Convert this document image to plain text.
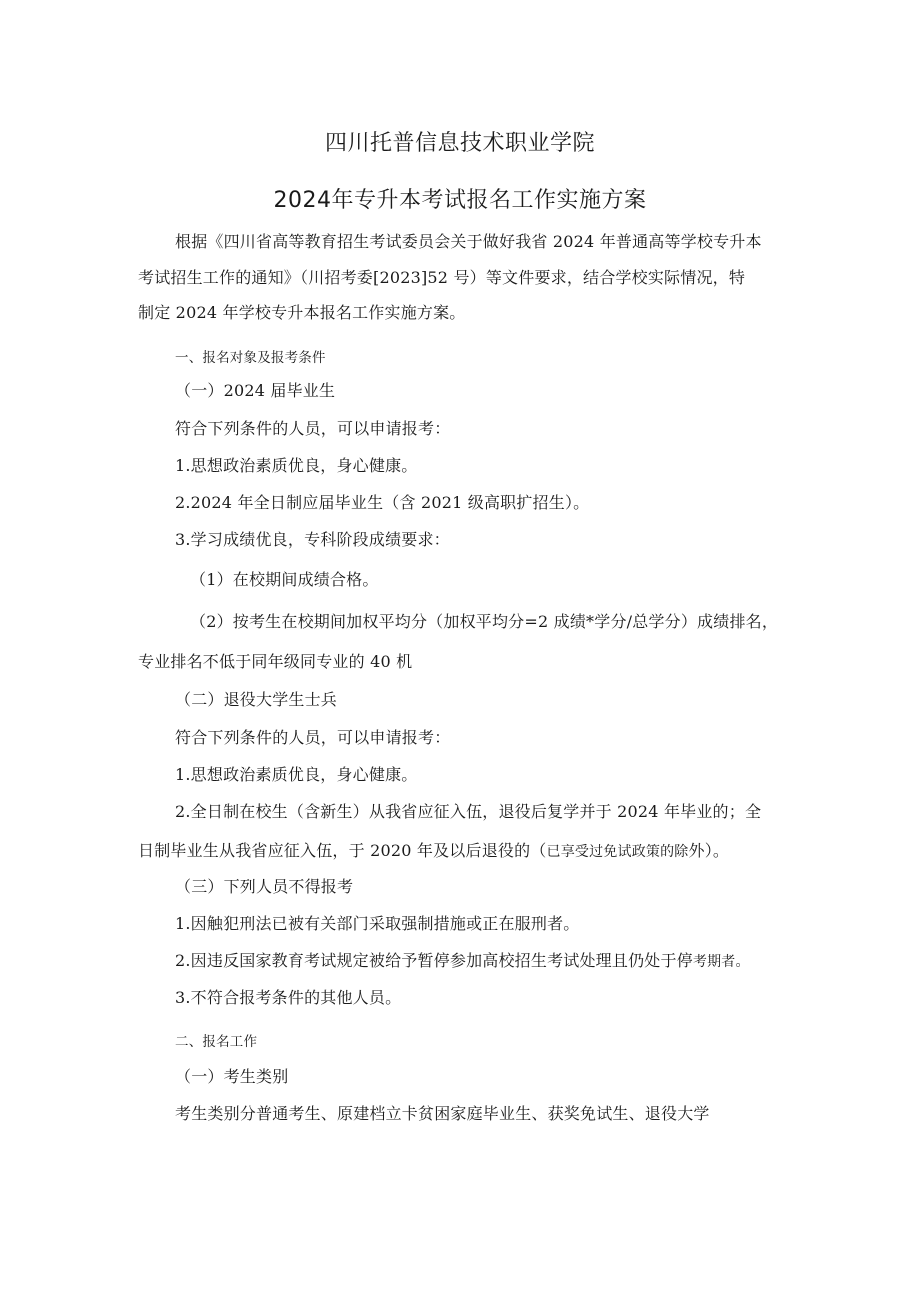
四川托普信息技术职业学院
2024年专升本考试报名工作实施方案
根据《四川省高等教育招生考试委员会关于做好我省 2024 年普通高等学校专升本
考试招生工作的通知》（川招考委[2023]52 号）等文件要求，结合学校实际情况，特
制定 2024 年学校专升本报名工作实施方案。
一、报名对象及报考条件
（一）2024 届毕业生
符合下列条件的人员，可以申请报考：
1.思想政治素质优良，身心健康。
2.2024 年全日制应届毕业生（含 2021 级高职扩招生）。
3.学习成绩优良，专科阶段成绩要求：
（1）在校期间成绩合格。
（2）按考生在校期间加权平均分（加权平均分=2 成绩*学分/总学分）成绩排名，
专业排名不低于同年级同专业的 40 机
（二）退役大学生士兵
符合下列条件的人员，可以申请报考：
1.思想政治素质优良，身心健康。
2.全日制在校生（含新生）从我省应征入伍，退役后复学并于 2024 年毕业的；全
日制毕业生从我省应征入伍，于 2020 年及以后退役的（已享受过免试政策的除外）。
（三）下列人员不得报考
1.因触犯刑法已被有关部门采取强制措施或正在服刑者。
2.因违反国家教育考试规定被给予暂停参加高校招生考试处理且仍处于停考期者。
3.不符合报考条件的其他人员。
二、报名工作
（一）考生类别
考生类别分普通考生、原建档立卡贫困家庭毕业生、获奖免试生、退役大学
